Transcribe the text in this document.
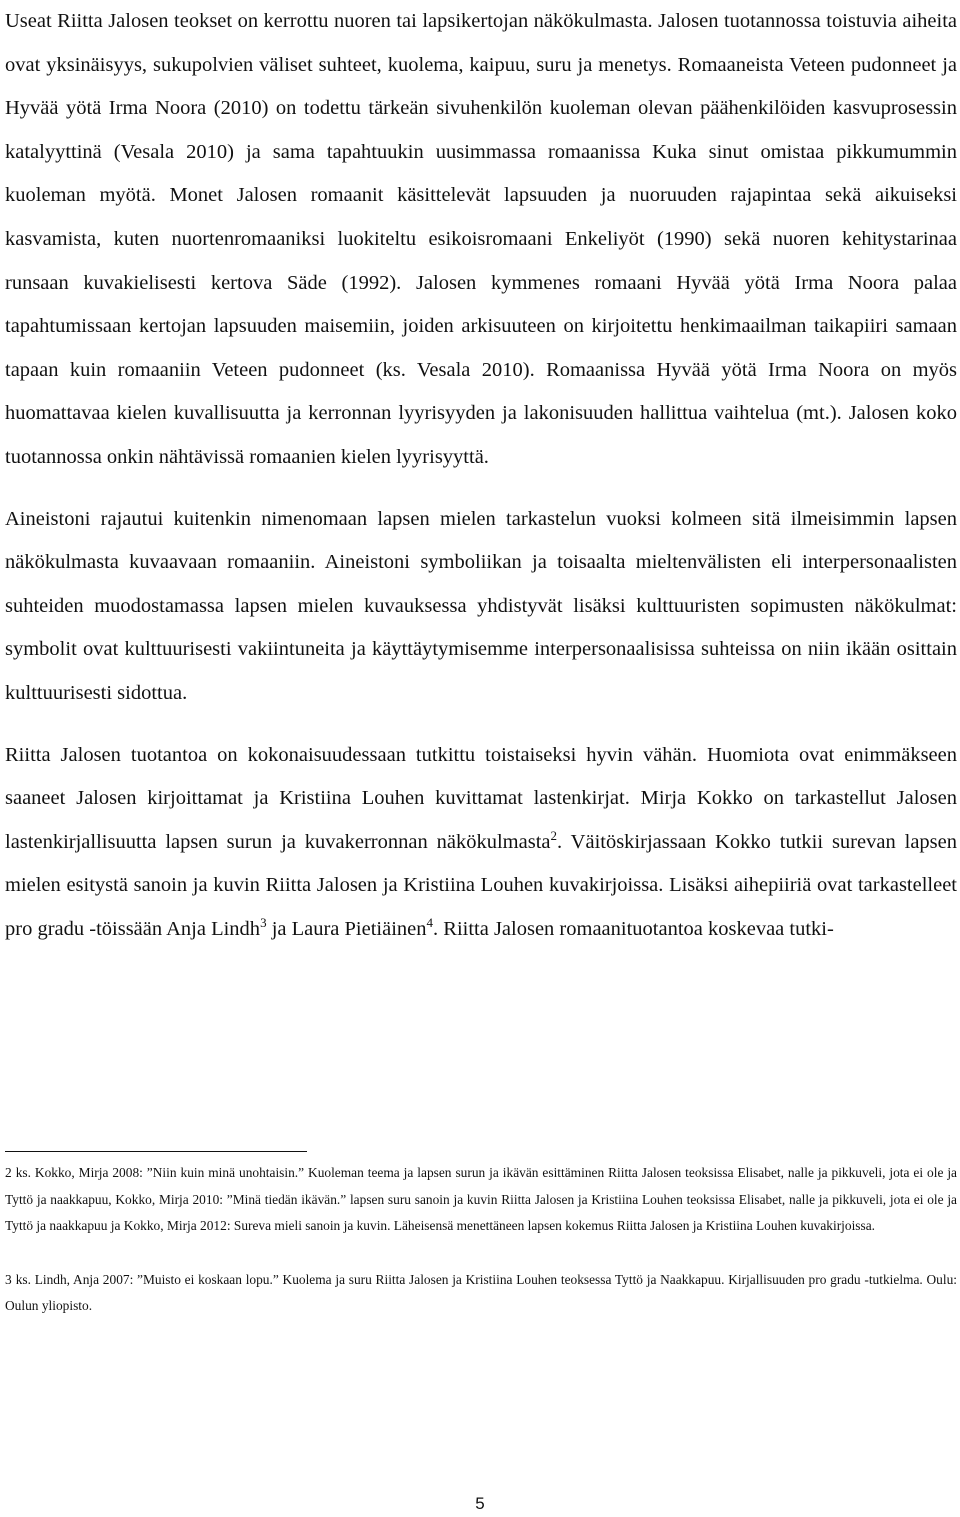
Useat Riitta Jalosen teokset on kerrottu nuoren tai lapsikertojan näkökulmasta. Jalosen tuotannossa toistuvia aiheita ovat yksinäisyys, sukupolvien väliset suhteet, kuolema, kaipuu, suru ja menetys. Romaaneista Veteen pudonneet ja Hyvää yötä Irma Noora (2010) on todettu tärkeän sivuhenkilön kuoleman olevan päähenkilöiden kasvuprosessin katalyyttinä (Vesala 2010) ja sama tapahtuukin uusimmassa romaanissa Kuka sinut omistaa pikkumummin kuoleman myötä. Monet Jalosen romaanit käsittelevät lapsuuden ja nuoruuden rajapintaa sekä aikuiseksi kasvamista, kuten nuortenromaaniksi luokiteltu esikoisromaani Enkeliyöt (1990) sekä nuoren kehitystarinaa runsaan kuvakielisesti kertova Säde (1992). Jalosen kymmenes romaani Hyvää yötä Irma Noora palaa tapahtumissaan kertojan lapsuuden maisemiin, joiden arkisuuteen on kirjoitettu henkimaailman taikapiiri samaan tapaan kuin romaaniin Veteen pudonneet (ks. Vesala 2010). Romaanissa Hyvää yötä Irma Noora on myös huomattavaa kielen kuvallisuutta ja kerronnan lyyrisyyden ja lakonisuuden hallittua vaihtelua (mt.). Jalosen koko tuotannossa onkin nähtävissä romaanien kielen lyyrisyyttä.

Aineistoni rajautui kuitenkin nimenomaan lapsen mielen tarkastelun vuoksi kolmeen sitä ilmeisimmin lapsen näkökulmasta kuvaavaan romaaniin. Aineistoni symboliikan ja toisaalta mieltenvälisten eli interpersonaalisten suhteiden muodostamassa lapsen mielen kuvauksessa yhdistyvät lisäksi kulttuuristen sopimusten näkökulmat: symbolit ovat kulttuurisesti vakiintuneita ja käyttäytymisemme interpersonaalisissa suhteissa on niin ikään osittain kulttuurisesti sidottua.

Riitta Jalosen tuotantoa on kokonaisuudessaan tutkittu toistaiseksi hyvin vähän. Huomiota ovat enimmäkseen saaneet Jalosen kirjoittamat ja Kristiina Louhen kuvittamat lastenkirjat. Mirja Kokko on tarkastellut Jalosen lastenkirjallisuutta lapsen surun ja kuvakerronnan näkökulmasta$^2$. Väitöskirjassaan Kokko tutkii surevan lapsen mielen esitystä sanoin ja kuvin Riitta Jalosen ja Kristiina Louhen kuvakirjoissa. Lisäksi aihepiiriä ovat tarkastelleet pro gradu -töissään Anja Lindh$^3$ ja Laura Pietiäinen$^4$. Riitta Jalosen romaanituotantoa koskevaa tutki-

2 ks. Kokko, Mirja 2008: ”Niin kuin minä unohtaisin.” Kuoleman teema ja lapsen surun ja ikävän esittäminen Riitta Jalosen teoksissa Elisabet, nalle ja pikkuveli, jota ei ole ja Tyttö ja naakkapuu, Kokko, Mirja 2010: ”Minä tiedän ikävän.” lapsen suru sanoin ja kuvin Riitta Jalosen ja Kristiina Louhen teoksissa Elisabet, nalle ja pikkuveli, jota ei ole ja Tyttö ja naakkapuu ja Kokko, Mirja 2012: Sureva mieli sanoin ja kuvin. Läheisensä menettäneen lapsen kokemus Riitta Jalosen ja Kristiina Louhen kuvakirjoissa.

3 ks. Lindh, Anja 2007: ”Muisto ei koskaan lopu.” Kuolema ja suru Riitta Jalosen ja Kristiina Louhen teoksessa Tyttö ja Naakkapuu. Kirjallisuuden pro gradu -tutkielma. Oulu: Oulun yliopisto.

5
